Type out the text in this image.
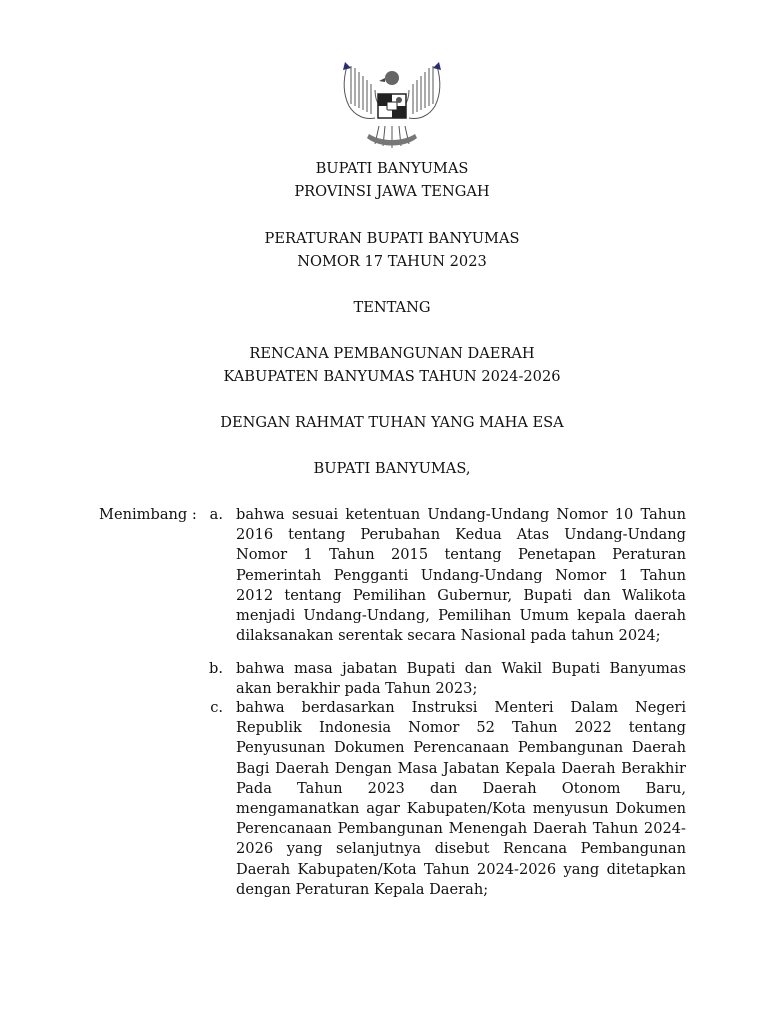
BUPATI BANYUMAS
PROVINSI JAWA TENGAH
PERATURAN BUPATI BANYUMAS
NOMOR 17 TAHUN 2023
TENTANG
RENCANA PEMBANGUNAN DAERAH
KABUPATEN BANYUMAS TAHUN 2024-2026
DENGAN RAHMAT TUHAN YANG MAHA ESA
BUPATI BANYUMAS,
Menimbang : a. bahwa sesuai ketentuan Undang-Undang Nomor 10 Tahun 2016 tentang Perubahan Kedua Atas Undang-Undang Nomor 1 Tahun 2015 tentang Penetapan Peraturan Pemerintah Pengganti Undang-Undang Nomor 1 Tahun 2012 tentang Pemilihan Gubernur, Bupati dan Walikota menjadi Undang-Undang, Pemilihan Umum kepala daerah dilaksanakan serentak secara Nasional pada tahun 2024;
b. bahwa masa jabatan Bupati dan Wakil Bupati Banyumas akan berakhir pada Tahun 2023;
c. bahwa berdasarkan Instruksi Menteri Dalam Negeri Republik Indonesia Nomor 52 Tahun 2022 tentang Penyusunan Dokumen Perencanaan Pembangunan Daerah Bagi Daerah Dengan Masa Jabatan Kepala Daerah Berakhir Pada Tahun 2023 dan Daerah Otonom Baru, mengamanatkan agar Kabupaten/Kota menyusun Dokumen Perencanaan Pembangunan Menengah Daerah Tahun 2024-2026 yang selanjutnya disebut Rencana Pembangunan Daerah Kabupaten/Kota Tahun 2024-2026 yang ditetapkan dengan Peraturan Kepala Daerah;
